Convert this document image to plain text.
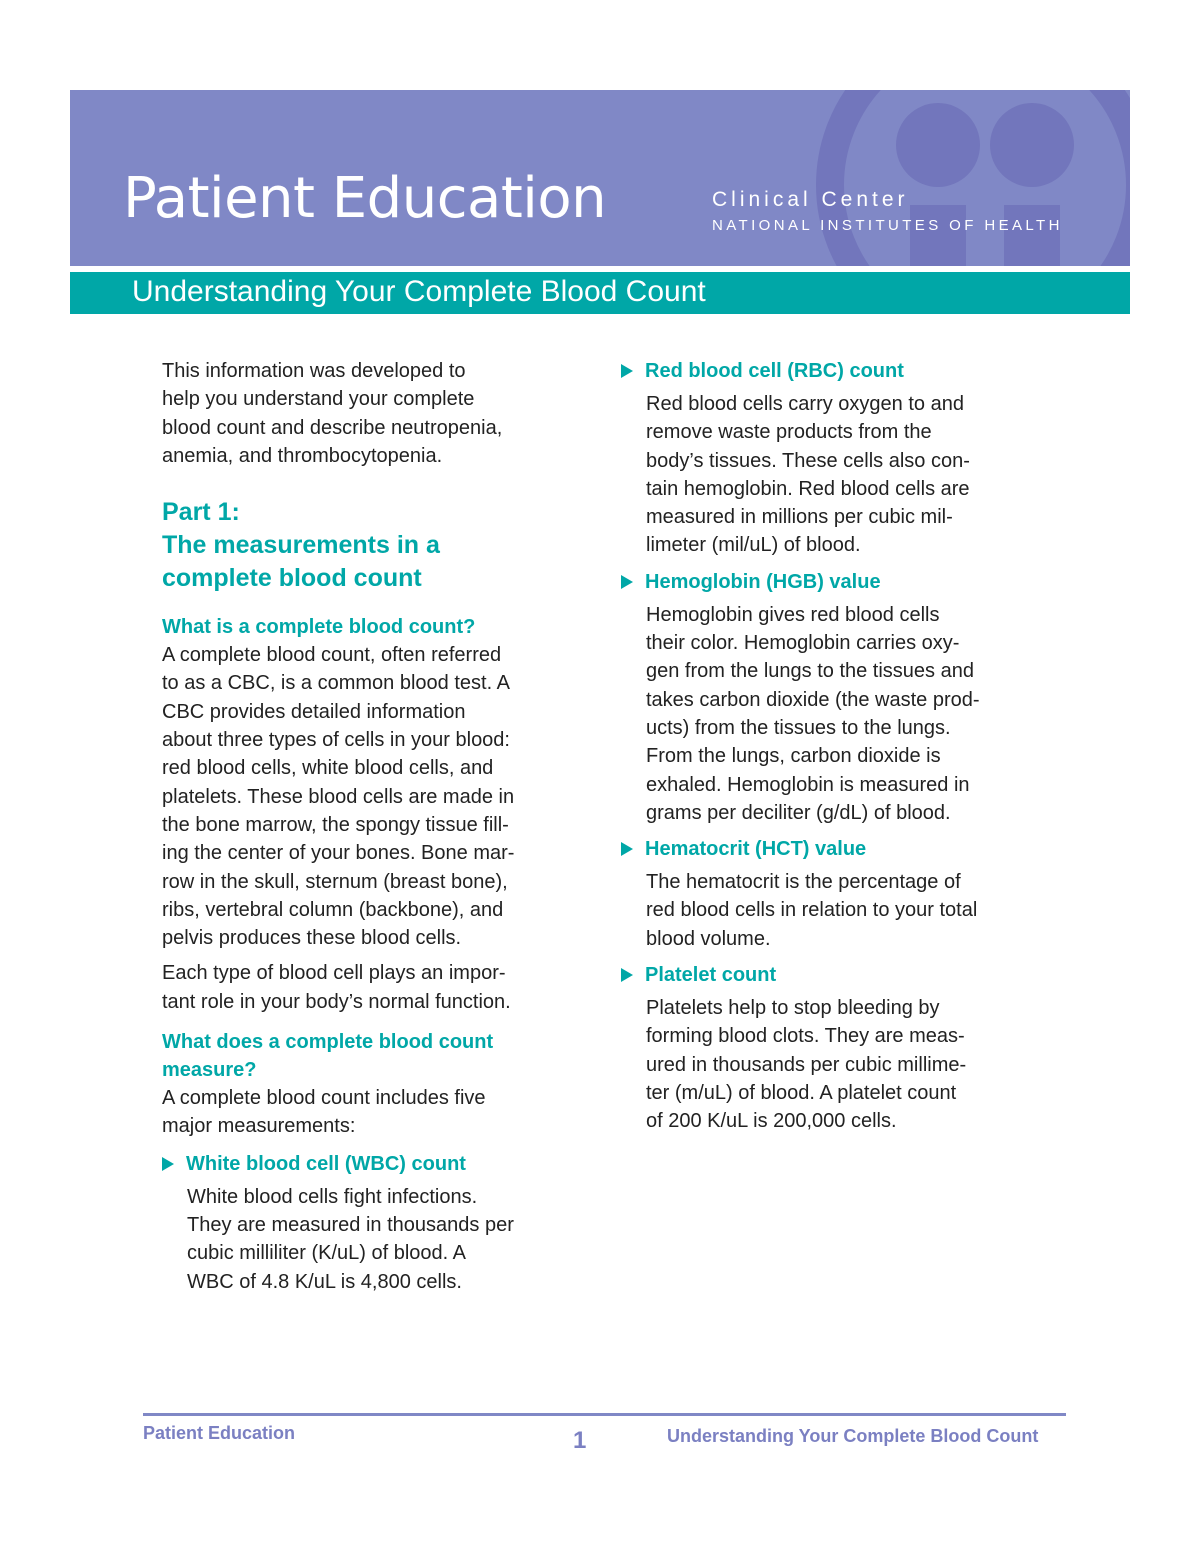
Patient Education	Clinical Center
NATIONAL INSTITUTES OF HEALTH
Understanding Your Complete Blood Count

This information was developed to

help you understand your complete

blood count and describe neutropenia,

anemia, and thrombocytopenia.

Part 1:

The measurements in a

complete blood count

What is a complete blood count?

A complete blood count, often referred

to as a CBC, is a common blood test. A

CBC provides detailed information

about three types of cells in your blood:

red blood cells, white blood cells, and

platelets. These blood cells are made in

the bone marrow, the spongy tissue fill-

ing the center of your bones. Bone mar-

row in the skull, sternum (breast bone),

ribs, vertebral column (backbone), and

pelvis produces these blood cells.

Each type of blood cell plays an impor-

tant role in your body’s normal function.

What does a complete blood count

measure?

A complete blood count includes five

major measurements:

White blood cell (WBC) count

White blood cells fight infections.

They are measured in thousands per

cubic milliliter (K/uL) of blood. A

WBC of 4.8 K/uL is 4,800 cells.

Red blood cell (RBC) count

Red blood cells carry oxygen to and

remove waste products from the

body’s tissues. These cells also con-

tain hemoglobin. Red blood cells are

measured in millions per cubic mil-

limeter (mil/uL) of blood.

Hemoglobin (HGB) value

Hemoglobin gives red blood cells

their color. Hemoglobin carries oxy-

gen from the lungs to the tissues and

takes carbon dioxide (the waste prod-

ucts) from the tissues to the lungs.

From the lungs, carbon dioxide is

exhaled. Hemoglobin is measured in

grams per deciliter (g/dL) of blood.

Hematocrit (HCT) value

The hematocrit is the percentage of

red blood cells in relation to your total

blood volume.

Platelet count

Platelets help to stop bleeding by

forming blood clots. They are meas-

ured in thousands per cubic millime-

ter (m/uL) of blood. A platelet count

of 200 K/uL is 200,000 cells.

Patient Education	1	Understanding Your Complete Blood Count
